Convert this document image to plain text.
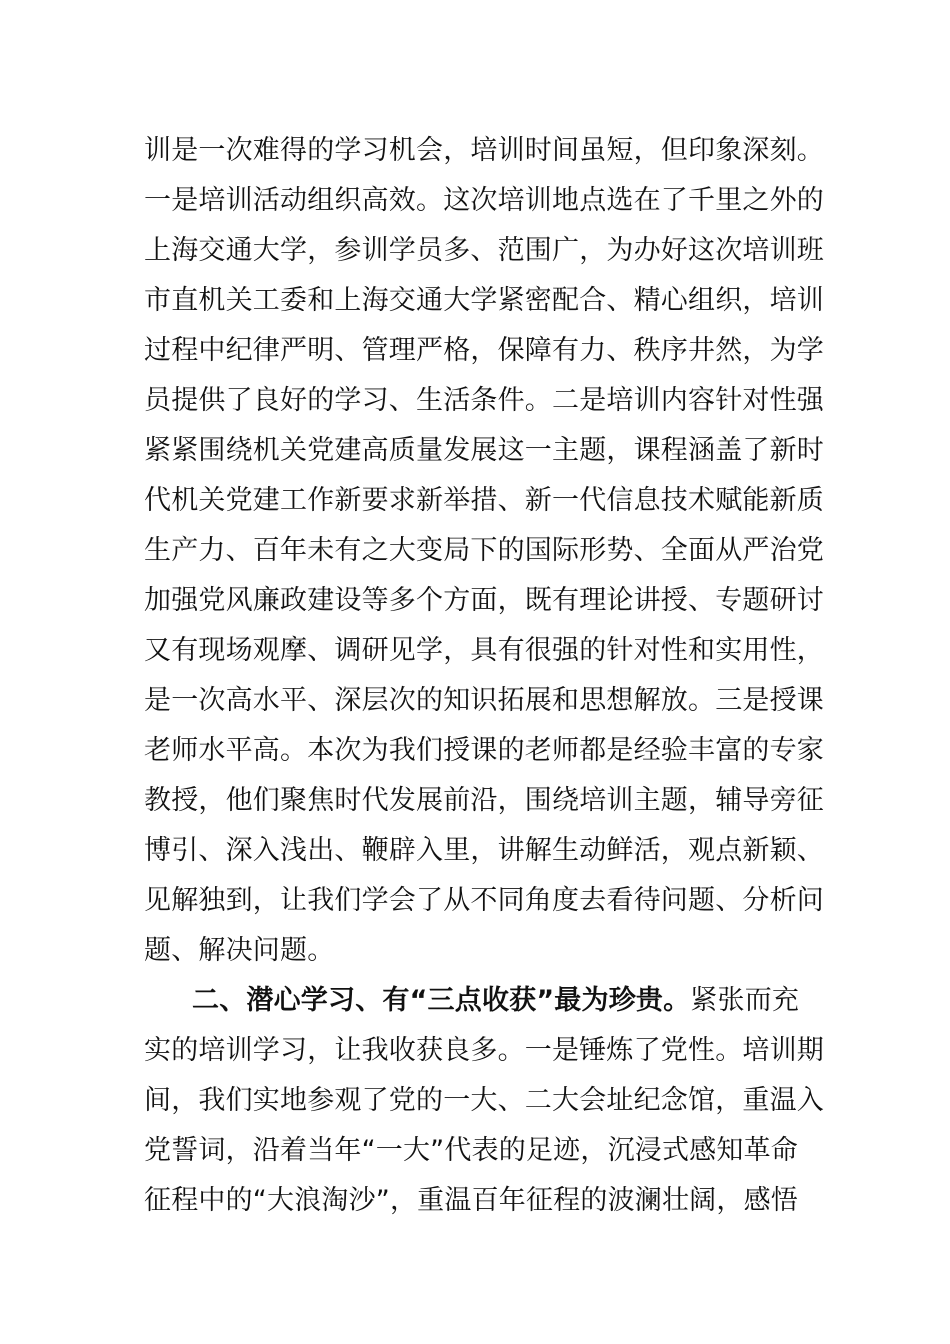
训是一次难得的学习机会，培训时间虽短，但印象深刻。
一是培训活动组织高效。这次培训地点选在了千里之外的
上海交通大学，参训学员多、范围广，为办好这次培训班
市直机关工委和上海交通大学紧密配合、精心组织，培训
过程中纪律严明、管理严格，保障有力、秩序井然，为学
员提供了良好的学习、生活条件。二是培训内容针对性强
紧紧围绕机关党建高质量发展这一主题，课程涵盖了新时
代机关党建工作新要求新举措、新一代信息技术赋能新质
生产力、百年未有之大变局下的国际形势、全面从严治党
加强党风廉政建设等多个方面，既有理论讲授、专题研讨
又有现场观摩、调研见学，具有很强的针对性和实用性，
是一次高水平、深层次的知识拓展和思想解放。三是授课
老师水平高。本次为我们授课的老师都是经验丰富的专家
教授，他们聚焦时代发展前沿，围绕培训主题，辅导旁征
博引、深入浅出、鞭辟入里，讲解生动鲜活，观点新颖、
见解独到，让我们学会了从不同角度去看待问题、分析问
题、解决问题。
二、潜心学习、有“三点收获”最为珍贵。紧张而充
实的培训学习，让我收获良多。一是锤炼了党性。培训期
间，我们实地参观了党的一大、二大会址纪念馆，重温入
党誓词，沿着当年“一大”代表的足迹，沉浸式感知革命
征程中的“大浪淘沙”，重温百年征程的波澜壮阔，感悟
